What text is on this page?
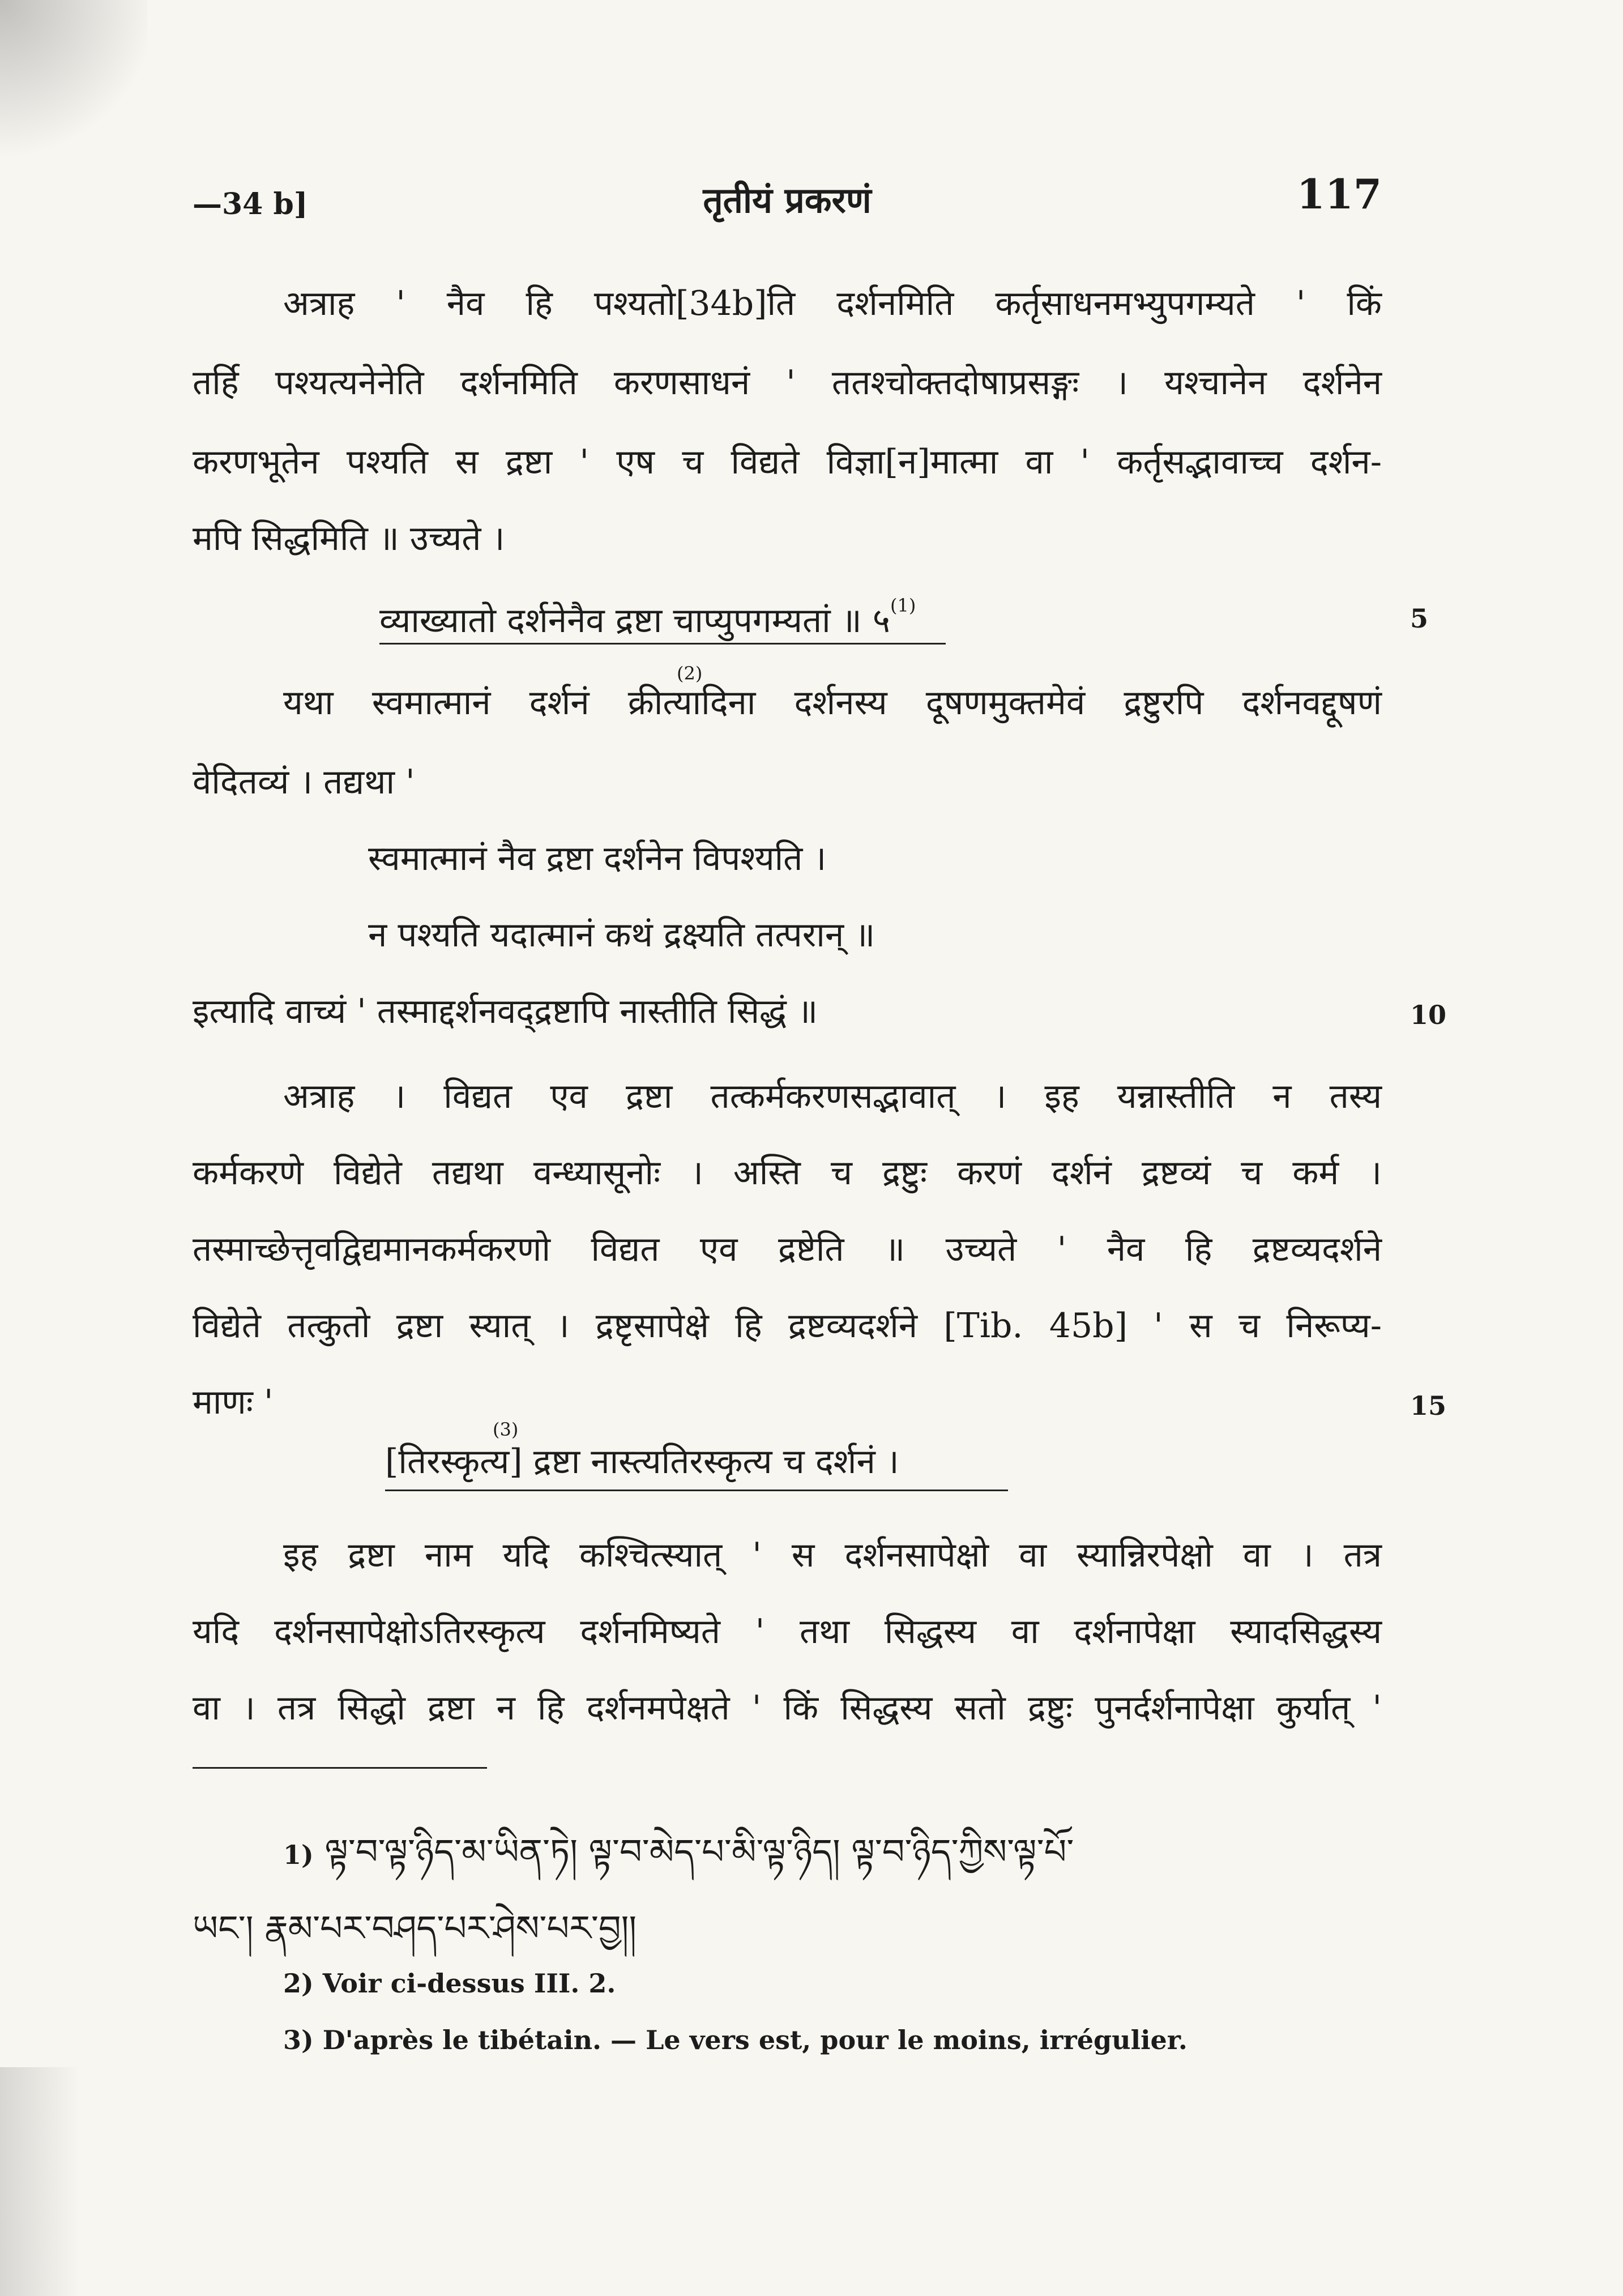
—34 b]	तृतीयं प्रकरणं	117
अत्राह ' नैव हि पश्यतो[34b]ति दर्शनमिति कर्तृसाधनमभ्युपगम्यते ' किं
तर्हि पश्यत्यनेनेति दर्शनमिति करणसाधनं ' ततश्चोक्तदोषाप्रसङ्गः । यश्चानेन दर्शनेन
करणभूतेन पश्यति स द्रष्टा ' एष च विद्यते विज्ञा[न]मात्मा वा ' कर्तृसद्भावाच्च दर्शन-
मपि सिद्धमिति ॥ उच्यते ।
व्याख्यातो दर्शनेनैव द्रष्टा चाप्युपगम्यतां ॥ ५$^{(1)}$	5
यथा स्वमात्मानं दर्शनं क्रीत्यादिना दर्शनस्य दूषणमुक्तमेवं द्रष्टुरपि दर्शनवद्दूषणं
(2)
वेदितव्यं । तद्यथा '
स्वमात्मानं नैव द्रष्टा दर्शनेन विपश्यति ।
न पश्यति यदात्मानं कथं द्रक्ष्यति तत्परान् ॥
इत्यादि वाच्यं ' तस्माद्दर्शनवद्द्रष्टापि नास्तीति सिद्धं ॥	10
अत्राह । विद्यत एव द्रष्टा तत्कर्मकरणसद्भावात् । इह यन्नास्तीति न तस्य
कर्मकरणे विद्येते तद्यथा वन्ध्यासूनोः । अस्ति च द्रष्टुः करणं दर्शनं द्रष्टव्यं च कर्म ।
तस्माच्छेत्तृवद्विद्यमानकर्मकरणो विद्यत एव द्रष्टेति ॥ उच्यते ' नैव हि द्रष्टव्यदर्शने
विद्येते तत्कुतो द्रष्टा स्यात् । द्रष्टृसापेक्षे हि द्रष्टव्यदर्शने [Tib. 45b] ' स च निरूप्य-
माणः '	15
(3)
[तिरस्कृत्य] द्रष्टा नास्त्यतिरस्कृत्य च दर्शनं ।
इह द्रष्टा नाम यदि कश्चित्स्यात् ' स दर्शनसापेक्षो वा स्यान्निरपेक्षो वा । तत्र
यदि दर्शनसापेक्षोऽतिरस्कृत्य दर्शनमिष्यते ' तथा सिद्धस्य वा दर्शनापेक्षा स्यादसिद्धस्य
वा । तत्र सिद्धो द्रष्टा न हि दर्शनमपेक्षते ' किं सिद्धस्य सतो द्रष्टुः पुनर्दर्शनापेक्षा कुर्यात् '
1) ལྟ་བ་ལྟ་ཉིད་མ་ཡིན་ཏེ། ལྟ་བ་མེད་པ་མི་ལྟ་ཉིད། ལྟ་བ་ཉིད་ཀྱིས་ལྟ་པོ་
ཡང་། རྣམ་པར་བཤད་པར་ཤེས་པར་བྱ།།
2) Voir ci-dessus III. 2.
3) D'après le tibétain. — Le vers est, pour le moins, irrégulier.
